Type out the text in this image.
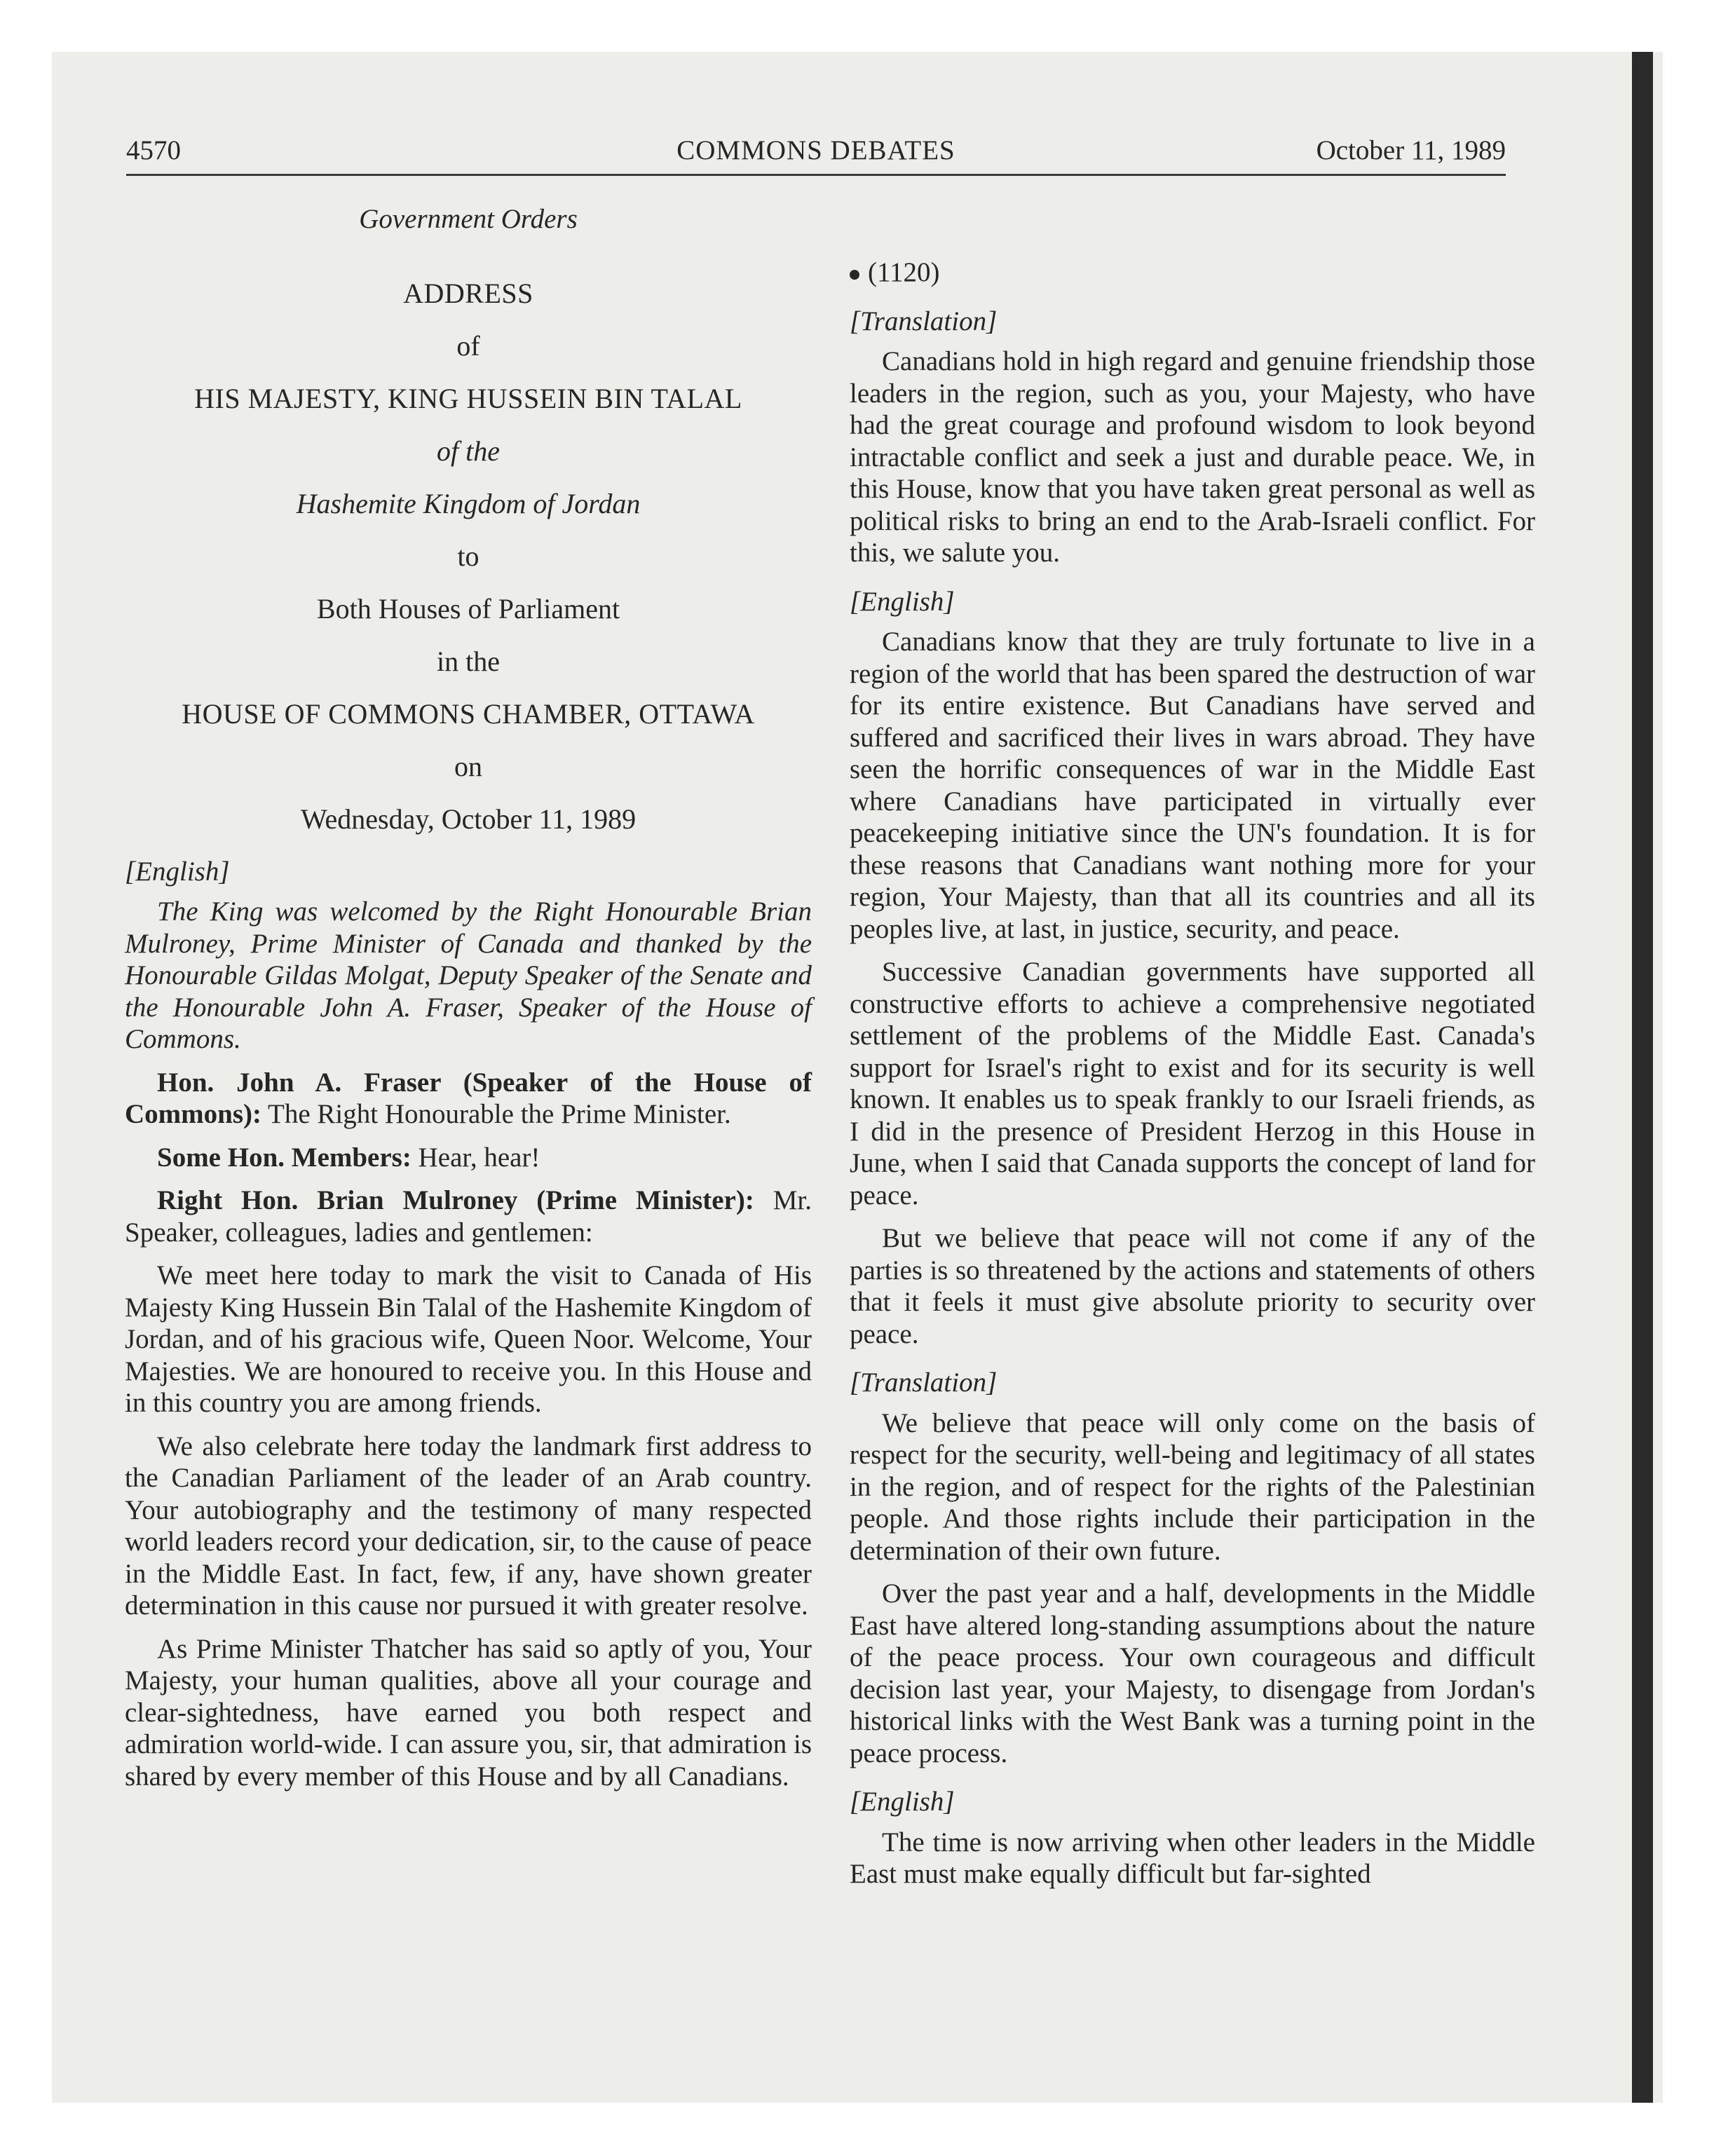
4570	COMMONS DEBATES	October 11, 1989
Government Orders
ADDRESS
of
HIS MAJESTY, KING HUSSEIN BIN TALAL
of the
Hashemite Kingdom of Jordan
to
Both Houses of Parliament
in the
HOUSE OF COMMONS CHAMBER, OTTAWA
on
Wednesday, October 11, 1989
[English]

The King was welcomed by the Right Honourable Brian Mulroney, Prime Minister of Canada and thanked by the Honourable Gildas Molgat, Deputy Speaker of the Senate and the Honourable John A. Fraser, Speaker of the House of Commons.

Hon. John A. Fraser (Speaker of the House of Commons): The Right Honourable the Prime Minister.

Some Hon. Members: Hear, hear!

Right Hon. Brian Mulroney (Prime Minister): Mr. Speaker, colleagues, ladies and gentlemen:

We meet here today to mark the visit to Canada of His Majesty King Hussein Bin Talal of the Hashemite Kingdom of Jordan, and of his gracious wife, Queen Noor. Welcome, Your Majesties. We are honoured to receive you. In this House and in this country you are among friends.

We also celebrate here today the landmark first address to the Canadian Parliament of the leader of an Arab country. Your autobiography and the testimony of many respected world leaders record your dedication, sir, to the cause of peace in the Middle East. In fact, few, if any, have shown greater determination in this cause nor pursued it with greater resolve.

As Prime Minister Thatcher has said so aptly of you, Your Majesty, your human qualities, above all your courage and clear-sightedness, have earned you both respect and admiration world-wide. I can assure you, sir, that admiration is shared by every member of this House and by all Canadians.

(1120)
[Translation]

Canadians hold in high regard and genuine friendship those leaders in the region, such as you, your Majesty, who have had the great courage and profound wisdom to look beyond intractable conflict and seek a just and durable peace. We, in this House, know that you have taken great personal as well as political risks to bring an end to the Arab-Israeli conflict. For this, we salute you.

[English]

Canadians know that they are truly fortunate to live in a region of the world that has been spared the destruction of war for its entire existence. But Canadians have served and suffered and sacrificed their lives in wars abroad. They have seen the horrific consequences of war in the Middle East where Canadians have participated in virtually ever peacekeeping initiative since the UN's foundation. It is for these reasons that Canadians want nothing more for your region, Your Majesty, than that all its countries and all its peoples live, at last, in justice, security, and peace.

Successive Canadian governments have supported all constructive efforts to achieve a comprehensive negotiated settlement of the problems of the Middle East. Canada's support for Israel's right to exist and for its security is well known. It enables us to speak frankly to our Israeli friends, as I did in the presence of President Herzog in this House in June, when I said that Canada supports the concept of land for peace.

But we believe that peace will not come if any of the parties is so threatened by the actions and statements of others that it feels it must give absolute priority to security over peace.

[Translation]

We believe that peace will only come on the basis of respect for the security, well-being and legitimacy of all states in the region, and of respect for the rights of the Palestinian people. And those rights include their participation in the determination of their own future.

Over the past year and a half, developments in the Middle East have altered long-standing assumptions about the nature of the peace process. Your own courageous and difficult decision last year, your Majesty, to disengage from Jordan's historical links with the West Bank was a turning point in the peace process.

[English]

The time is now arriving when other leaders in the Middle East must make equally difficult but far-sighted
